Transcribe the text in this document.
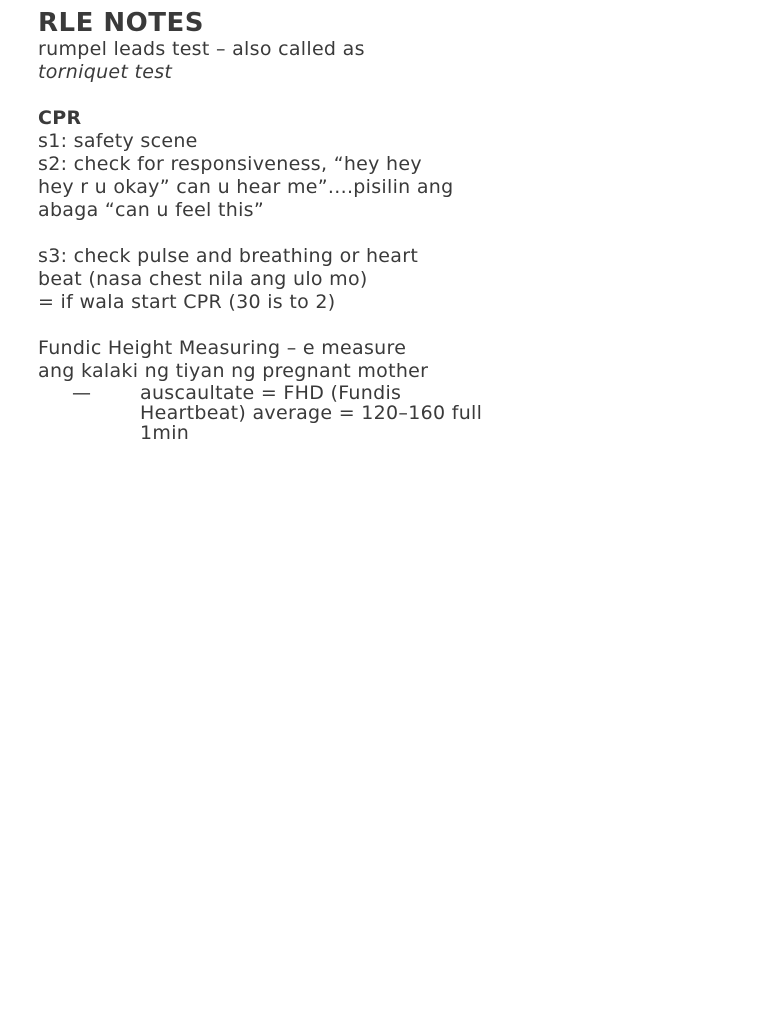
RLE NOTES

rumpel leads test – also called as

torniquet test

CPR

s1: safety scene

s2: check for responsiveness, “hey hey

hey r u okay” can u hear me”....pisilin ang

abaga “can u feel this”

s3: check pulse and breathing or heart

beat (nasa chest nila ang ulo mo)

= if wala start CPR (30 is to 2)

Fundic Height Measuring – e measure

ang kalaki ng tiyan ng pregnant mother

—	auscaultate = FHD (Fundis
Heartbeat) average = 120–160 full
1min
